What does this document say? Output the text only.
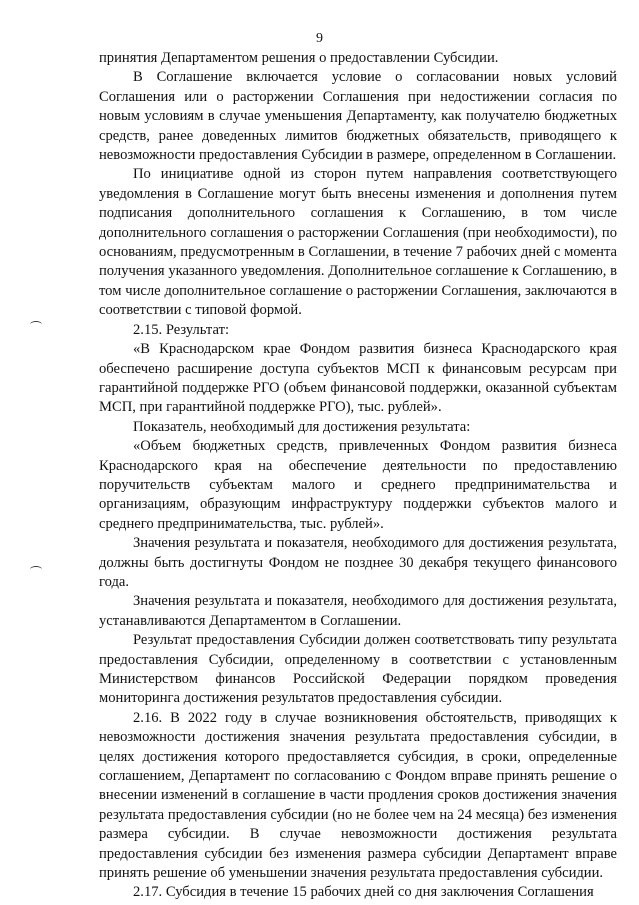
9

принятия Департаментом решения о предоставлении Субсидии.

В Соглашение включается условие о согласовании новых условий Соглашения или о расторжении Соглашения при недостижении согласия по новым условиям в случае уменьшения Департаменту, как получателю бюджетных средств, ранее доведенных лимитов бюджетных обязательств, приводящего к невозможности предоставления Субсидии в размере, определенном в Соглашении.

По инициативе одной из сторон путем направления соответствующего уведомления в Соглашение могут быть внесены изменения и дополнения путем подписания дополнительного соглашения к Соглашению, в том числе дополнительного соглашения о расторжении Соглашения (при необходимости), по основаниям, предусмотренным в Соглашении, в течение 7 рабочих дней с момента получения указанного уведомления. Дополнительное соглашение к Соглашению, в том числе дополнительное соглашение о расторжении Соглашения, заключаются в соответствии с типовой формой.

2.15. Результат:

«В Краснодарском крае Фондом развития бизнеса Краснодарского края обеспечено расширение доступа субъектов МСП к финансовым ресурсам при гарантийной поддержке РГО (объем финансовой поддержки, оказанной субъектам МСП, при гарантийной поддержке РГО), тыс. рублей».

Показатель, необходимый для достижения результата:

«Объем бюджетных средств, привлеченных Фондом развития бизнеса Краснодарского края на обеспечение деятельности по предоставлению поручительств субъектам малого и среднего предпринимательства и организациям, образующим инфраструктуру поддержки субъектов малого и среднего предпринимательства, тыс. рублей».

Значения результата и показателя, необходимого для достижения результата, должны быть достигнуты Фондом не позднее 30 декабря текущего финансового года.

Значения результата и показателя, необходимого для достижения результата, устанавливаются Департаментом в Соглашении.

Результат предоставления Субсидии должен соответствовать типу результата предоставления Субсидии, определенному в соответствии с установленным Министерством финансов Российской Федерации порядком проведения мониторинга достижения результатов предоставления субсидии.

2.16. В 2022 году в случае возникновения обстоятельств, приводящих к невозможности достижения значения результата предоставления субсидии, в целях достижения которого предоставляется субсидия, в сроки, определенные соглашением, Департамент по согласованию с Фондом вправе принять решение о внесении изменений в соглашение в части продления сроков достижения значения результата предоставления субсидии (но не более чем на 24 месяца) без изменения размера субсидии. В случае невозможности достижения результата предоставления субсидии без изменения размера субсидии Департамент вправе принять решение об уменьшении значения результата предоставления субсидии.

2.17. Субсидия в течение 15 рабочих дней со дня заключения Соглашения
